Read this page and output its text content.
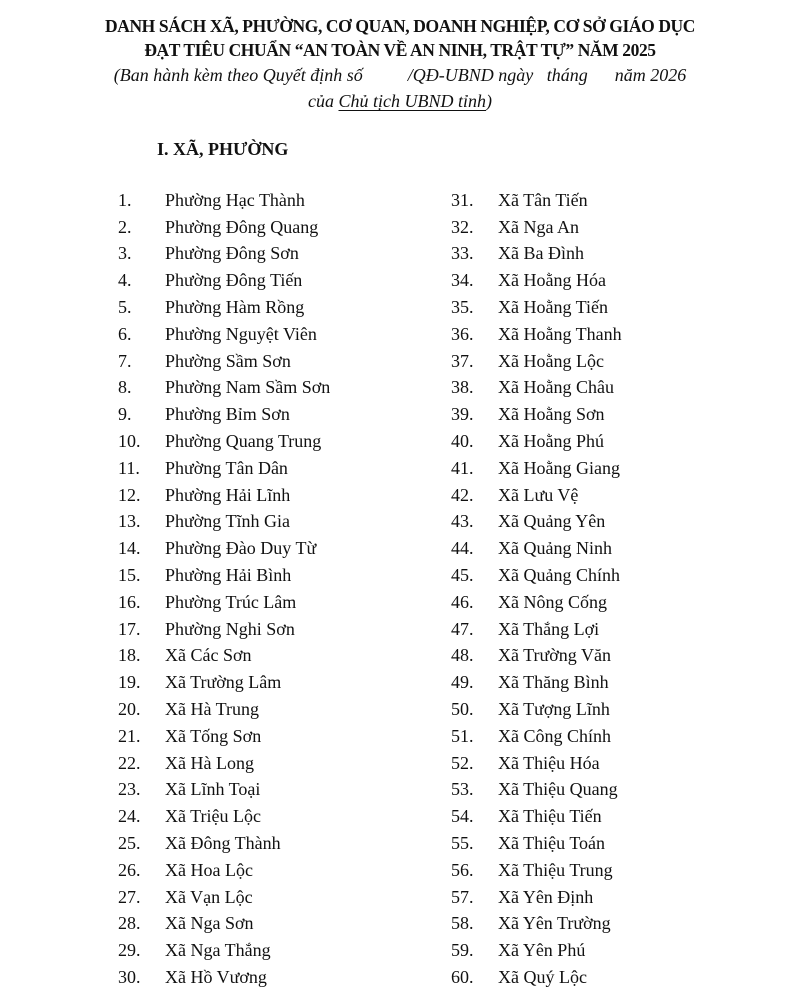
DANH SÁCH XÃ, PHƯỜNG, CƠ QUAN, DOANH NGHIỆP, CƠ SỞ GIÁO DỤC
ĐẠT TIÊU CHUẨN “AN TOÀN VỀ AN NINH, TRẬT TỰ” NĂM 2025
(Ban hành kèm theo Quyết định số          /QĐ-UBND ngày   tháng      năm 2026
của Chủ tịch UBND tỉnh)
I. XÃ, PHƯỜNG
1.	Phường Hạc Thành
2.	Phường Đông Quang
3.	Phường Đông Sơn
4.	Phường Đông Tiến
5.	Phường Hàm Rồng
6.	Phường Nguyệt Viên
7.	Phường Sầm Sơn
8.	Phường Nam Sầm Sơn
9.	Phường Bỉm Sơn
10.	Phường Quang Trung
11.	Phường Tân Dân
12.	Phường Hải Lĩnh
13.	Phường Tĩnh Gia
14.	Phường Đào Duy Từ
15.	Phường Hải Bình
16.	Phường Trúc Lâm
17.	Phường Nghi Sơn
18.	Xã Các Sơn
19.	Xã Trường Lâm
20.	Xã Hà Trung
21.	Xã Tống Sơn
22.	Xã Hà Long
23.	Xã Lĩnh Toại
24.	Xã Triệu Lộc
25.	Xã Đông Thành
26.	Xã Hoa Lộc
27.	Xã Vạn Lộc
28.	Xã Nga Sơn
29.	Xã Nga Thắng
30.	Xã Hồ Vương
31.	Xã Tân Tiến
32.	Xã Nga An
33.	Xã Ba Đình
34.	Xã Hoằng Hóa
35.	Xã Hoằng Tiến
36.	Xã Hoằng Thanh
37.	Xã Hoằng Lộc
38.	Xã Hoằng Châu
39.	Xã Hoằng Sơn
40.	Xã Hoằng Phú
41.	Xã Hoằng Giang
42.	Xã Lưu Vệ
43.	Xã Quảng Yên
44.	Xã Quảng Ninh
45.	Xã Quảng Chính
46.	Xã Nông Cống
47.	Xã Thắng Lợi
48.	Xã Trường Văn
49.	Xã Thăng Bình
50.	Xã Tượng Lĩnh
51.	Xã Công Chính
52.	Xã Thiệu Hóa
53.	Xã Thiệu Quang
54.	Xã Thiệu Tiến
55.	Xã Thiệu Toán
56.	Xã Thiệu Trung
57.	Xã Yên Định
58.	Xã Yên Trường
59.	Xã Yên Phú
60.	Xã Quý Lộc
